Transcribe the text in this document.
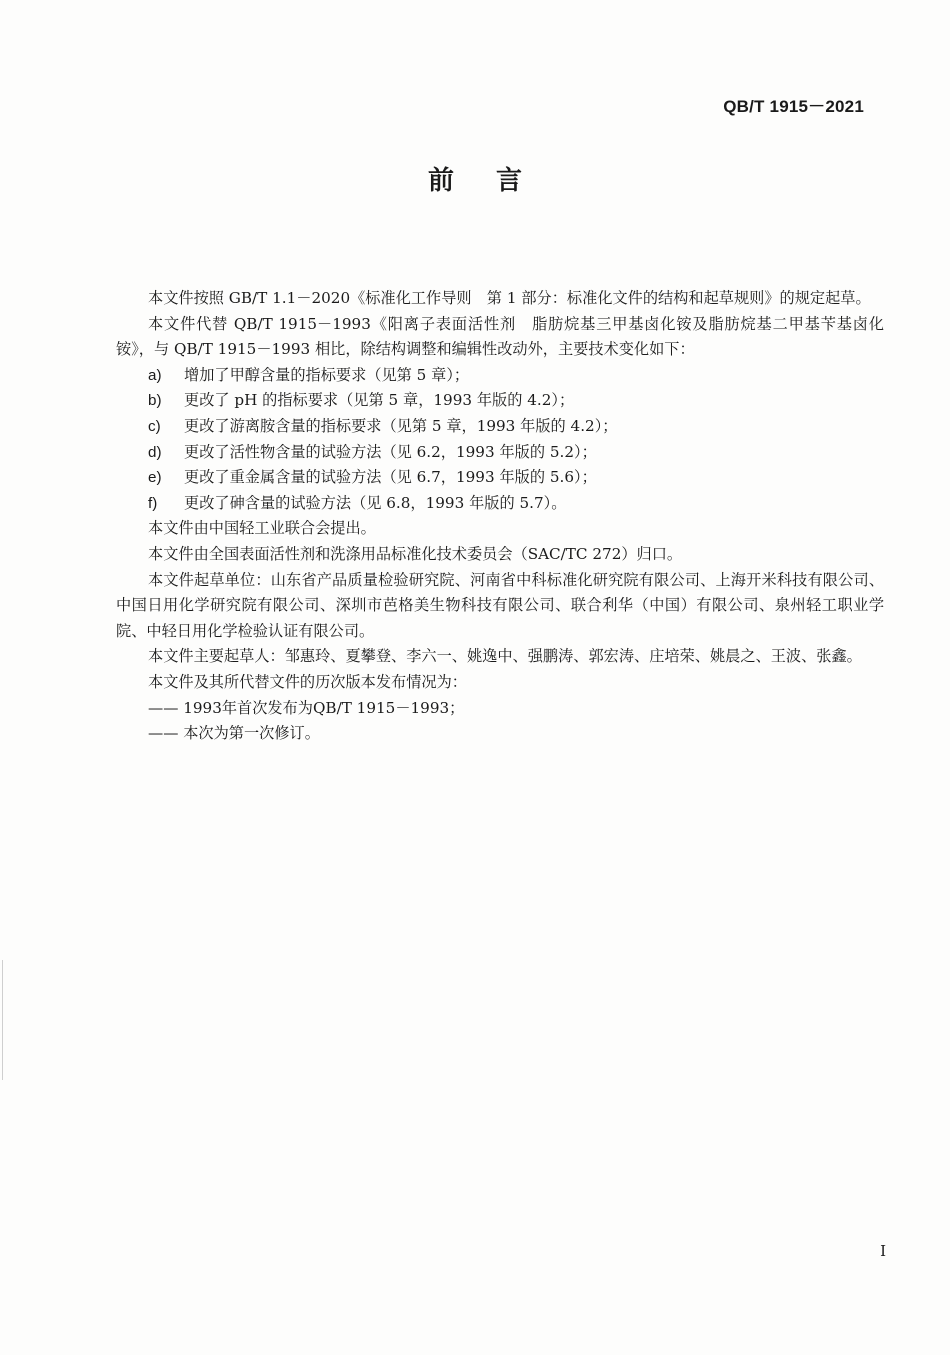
QB/T 1915－2021
前言

本文件按照 GB/T 1.1－2020《标准化工作导则　第 1 部分：标准化文件的结构和起草规则》的规定起草。

本文件代替 QB/T 1915－1993《阳离子表面活性剂　脂肪烷基三甲基卤化铵及脂肪烷基二甲基苄基卤化铵》，与 QB/T 1915－1993 相比，除结构调整和编辑性改动外，主要技术变化如下：

a) 增加了甲醇含量的指标要求（见第 5 章）；

b) 更改了 pH 的指标要求（见第 5 章，1993 年版的 4.2）；

c) 更改了游离胺含量的指标要求（见第 5 章，1993 年版的 4.2）；

d) 更改了活性物含量的试验方法（见 6.2，1993 年版的 5.2）；

e) 更改了重金属含量的试验方法（见 6.7，1993 年版的 5.6）；

f) 更改了砷含量的试验方法（见 6.8，1993 年版的 5.7）。

本文件由中国轻工业联合会提出。

本文件由全国表面活性剂和洗涤用品标准化技术委员会（SAC/TC 272）归口。

本文件起草单位：山东省产品质量检验研究院、河南省中科标准化研究院有限公司、上海开米科技有限公司、中国日用化学研究院有限公司、深圳市芭格美生物科技有限公司、联合利华（中国）有限公司、泉州轻工职业学院、中轻日用化学检验认证有限公司。

本文件主要起草人：邹惠玲、夏攀登、李六一、姚逸中、强鹏涛、郭宏涛、庄培荣、姚晨之、王波、张鑫。

本文件及其所代替文件的历次版本发布情况为：

—— 1993年首次发布为QB/T 1915－1993；

—— 本次为第一次修订。

I
